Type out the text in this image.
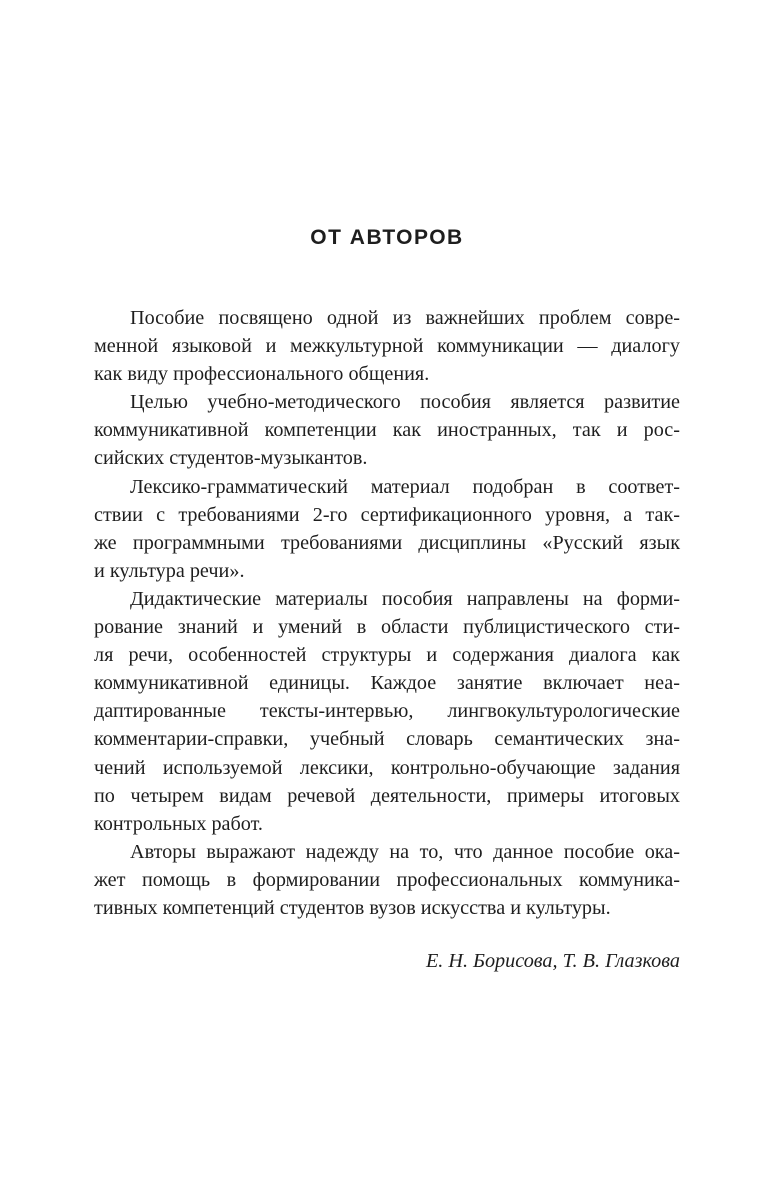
ОТ АВТОРОВ

Пособие посвящено одной из важнейших проблем совре-
менной языковой и межкультурной коммуникации — диалогу
как виду профессионального общения.

Целью учебно-методического пособия является развитие
коммуникативной компетенции как иностранных, так и рос-
сийских студентов-музыкантов.

Лексико-грамматический материал подобран в соответ-
ствии с требованиями 2-го сертификационного уровня, а так-
же программными требованиями дисциплины «Русский язык
и культура речи».

Дидактические материалы пособия направлены на форми-
рование знаний и умений в области публицистического сти-
ля речи, особенностей структуры и содержания диалога как
коммуникативной единицы. Каждое занятие включает неа-
даптированные тексты-интервью, лингвокультурологические
комментарии-справки, учебный словарь семантических зна-
чений используемой лексики, контрольно-обучающие задания
по четырем видам речевой деятельности, примеры итоговых
контрольных работ.

Авторы выражают надежду на то, что данное пособие ока-
жет помощь в формировании профессиональных коммуника-
тивных компетенций студентов вузов искусства и культуры.

Е. Н. Борисова, Т. В. Глазкова
